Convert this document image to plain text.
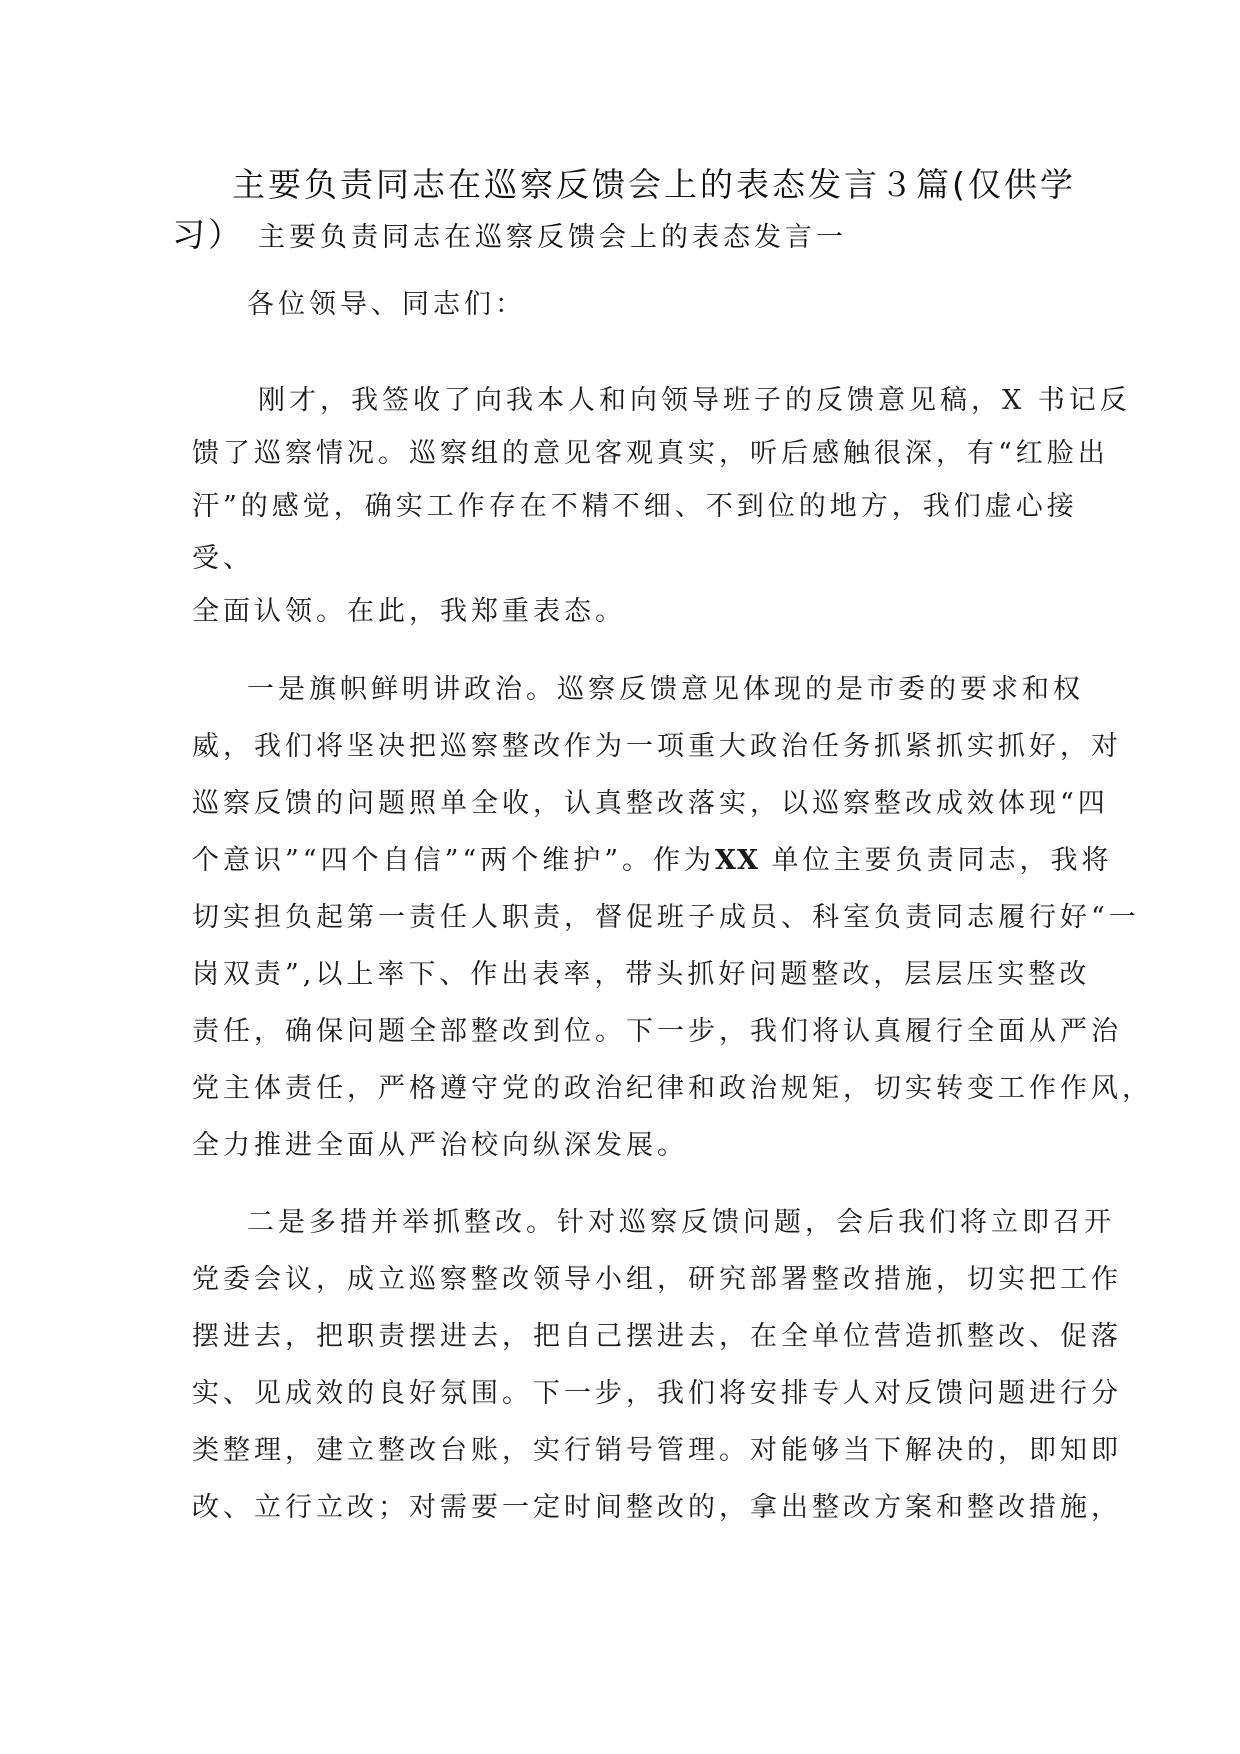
主要负责同志在巡察反馈会上的表态发言３篇(仅供学
习） 主要负责同志在巡察反馈会上的表态发言一
各位领导、同志们：
刚才，我签收了向我本人和向领导班子的反馈意见稿，X 书记反
馈了巡察情况。巡察组的意见客观真实，听后感触很深，有“红脸出
汗”的感觉，确实工作存在不精不细、不到位的地方，我们虚心接
受、
全面认领。在此，我郑重表态。
一是旗帜鲜明讲政治。巡察反馈意见体现的是市委的要求和权
威，我们将坚决把巡察整改作为一项重大政治任务抓紧抓实抓好，对
巡察反馈的问题照单全收，认真整改落实，以巡察整改成效体现“四
个意识”“四个自信”“两个维护”。作为XX 单位主要负责同志，我将
切实担负起第一责任人职责，督促班子成员、科室负责同志履行好“一
岗双责”,以上率下、作出表率，带头抓好问题整改，层层压实整改
责任，确保问题全部整改到位。下一步，我们将认真履行全面从严治
党主体责任，严格遵守党的政治纪律和政治规矩，切实转变工作作风，
全力推进全面从严治校向纵深发展。
二是多措并举抓整改。针对巡察反馈问题，会后我们将立即召开
党委会议，成立巡察整改领导小组，研究部署整改措施，切实把工作
摆进去，把职责摆进去，把自己摆进去，在全单位营造抓整改、促落
实、见成效的良好氛围。下一步，我们将安排专人对反馈问题进行分
类整理，建立整改台账，实行销号管理。对能够当下解决的，即知即
改、立行立改；对需要一定时间整改的，拿出整改方案和整改措施，
